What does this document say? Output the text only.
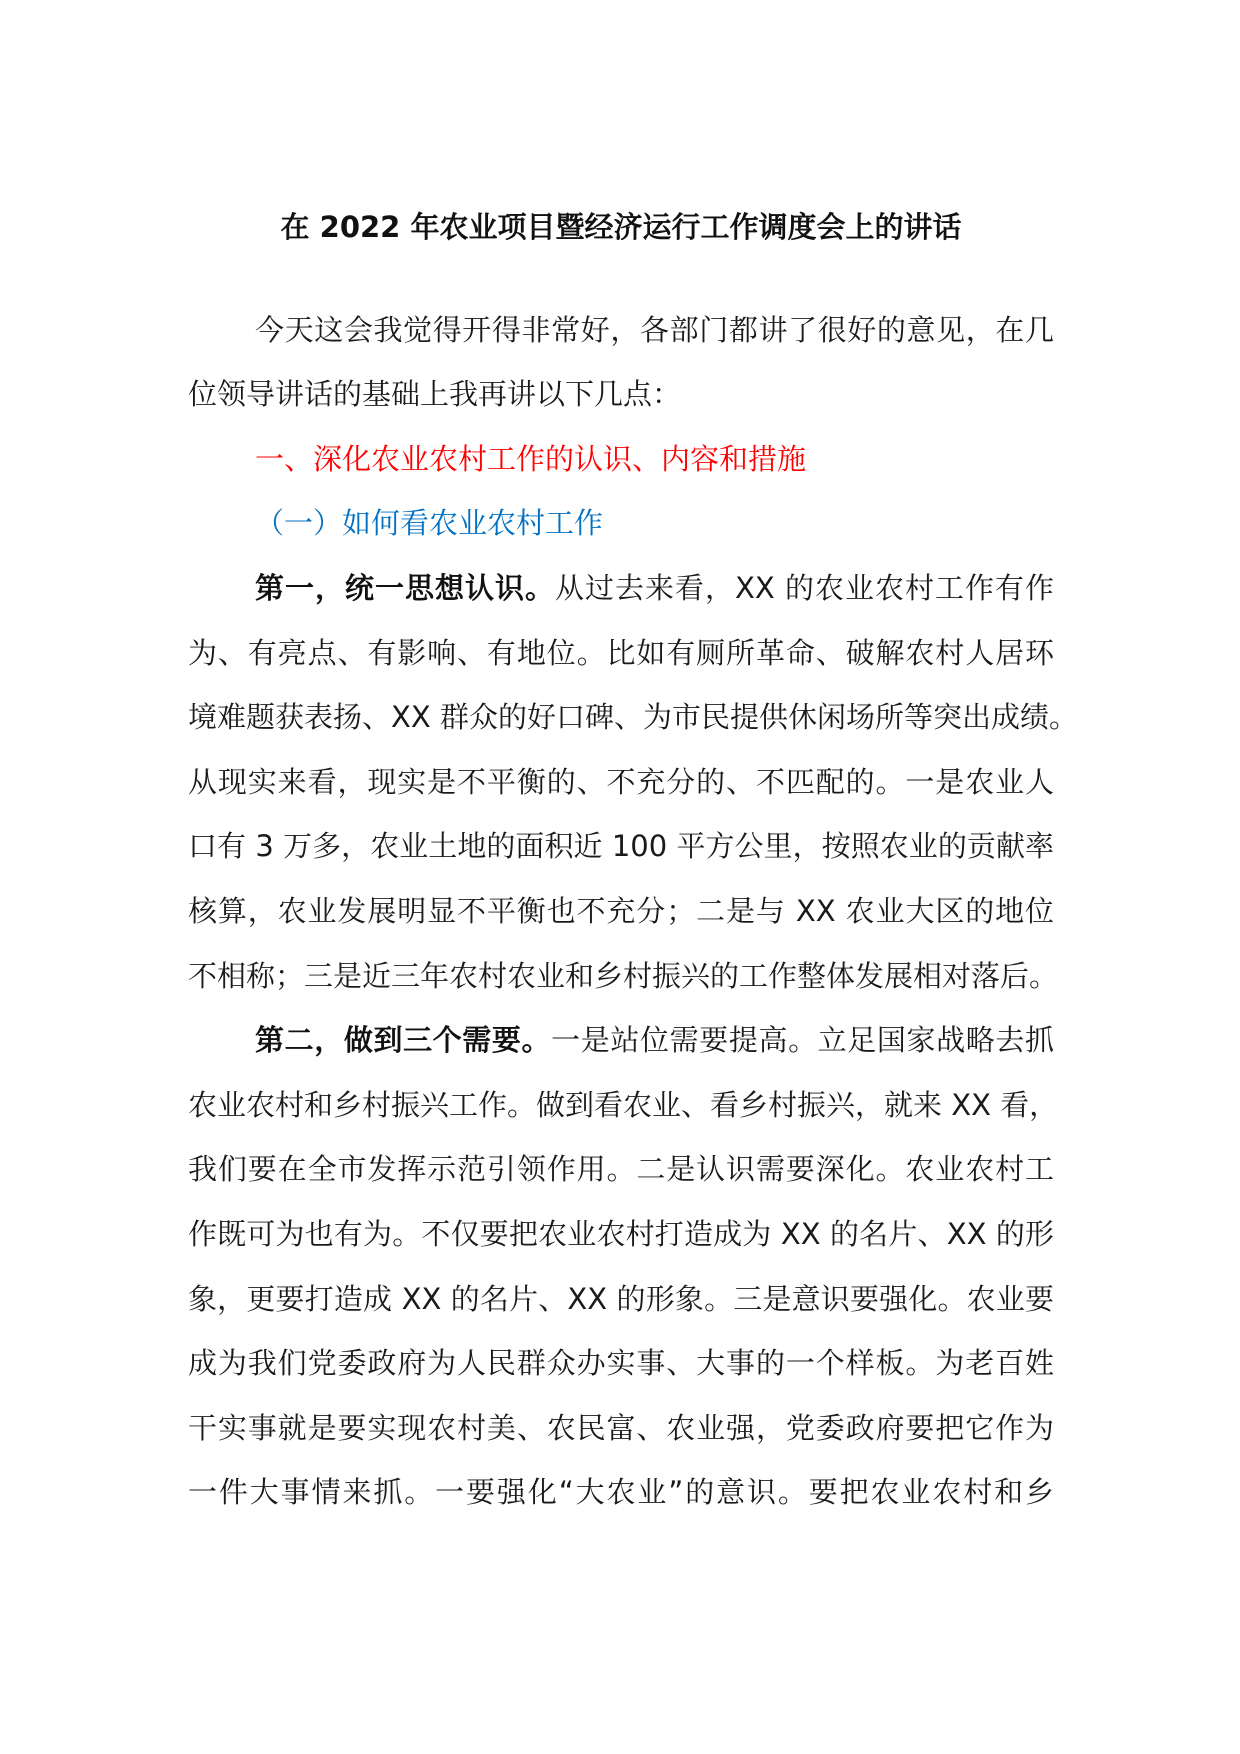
在 2022 年农业项目暨经济运行工作调度会上的讲话
今天这会我觉得开得非常好，各部门都讲了很好的意见，在几
位领导讲话的基础上我再讲以下几点：
一、深化农业农村工作的认识、内容和措施
（一）如何看农业农村工作
第一，统一思想认识。从过去来看，XX 的农业农村工作有作
为、有亮点、有影响、有地位。比如有厕所革命、破解农村人居环
境难题获表扬、XX 群众的好口碑、为市民提供休闲场所等突出成绩。
从现实来看，现实是不平衡的、不充分的、不匹配的。一是农业人
口有 3 万多，农业土地的面积近 100 平方公里，按照农业的贡献率
核算，农业发展明显不平衡也不充分；二是与 XX 农业大区的地位
不相称；三是近三年农村农业和乡村振兴的工作整体发展相对落后。
第二，做到三个需要。一是站位需要提高。立足国家战略去抓
农业农村和乡村振兴工作。做到看农业、看乡村振兴，就来 XX 看，
我们要在全市发挥示范引领作用。二是认识需要深化。农业农村工
作既可为也有为。不仅要把农业农村打造成为 XX 的名片、XX 的形
象，更要打造成 XX 的名片、XX 的形象。三是意识要强化。农业要
成为我们党委政府为人民群众办实事、大事的一个样板。为老百姓
干实事就是要实现农村美、农民富、农业强，党委政府要把它作为
一件大事情来抓。一要强化“大农业”的意识。要把农业农村和乡
